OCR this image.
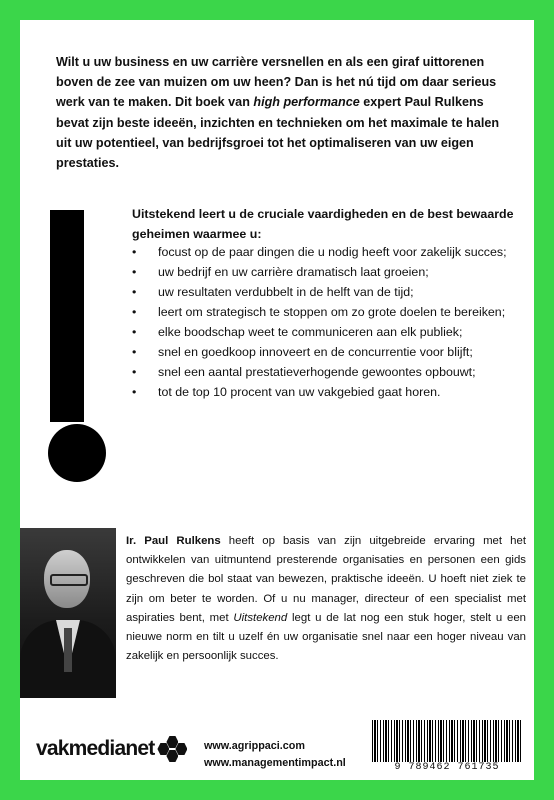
Wilt u uw business en uw carrière versnellen en als een giraf uittorenen boven de zee van muizen om uw heen? Dan is het nú tijd om daar serieus werk van te maken. Dit boek van high performance expert Paul Rulkens bevat zijn beste ideeën, inzichten en technieken om het maximale te halen uit uw potentieel, van bedrijfsgroei tot het optimaliseren van uw eigen prestaties.

Uitstekend leert u de cruciale vaardigheden en de best bewaarde geheimen waarmee u:

• focust op de paar dingen die u nodig heeft voor zakelijk succes;
• uw bedrijf en uw carrière dramatisch laat groeien;
• uw resultaten verdubbelt in de helft van de tijd;
• leert om strategisch te stoppen om zo grote doelen te bereiken;
• elke boodschap weet te communiceren aan elk publiek;
• snel en goedkoop innoveert en de concurrentie voor blijft;
• snel een aantal prestatieverhogende gewoontes opbouwt;
• tot de top 10 procent van uw vakgebied gaat horen.

Ir. Paul Rulkens heeft op basis van zijn uitgebreide ervaring met het ontwikkelen van uitmuntend presterende organisaties en personen een gids geschreven die bol staat van bewezen, praktische ideeën. U hoeft niet ziek te zijn om beter te worden. Of u nu manager, directeur of een specialist met aspiraties bent, met Uitstekend legt u de lat nog een stuk hoger, stelt u een nieuwe norm en tilt u uzelf én uw organisatie snel naar een hoger niveau van zakelijk en persoonlijk succes.

vakmedianet	www.agrippaci.com
www.managementimpact.nl	9 789462 761735
